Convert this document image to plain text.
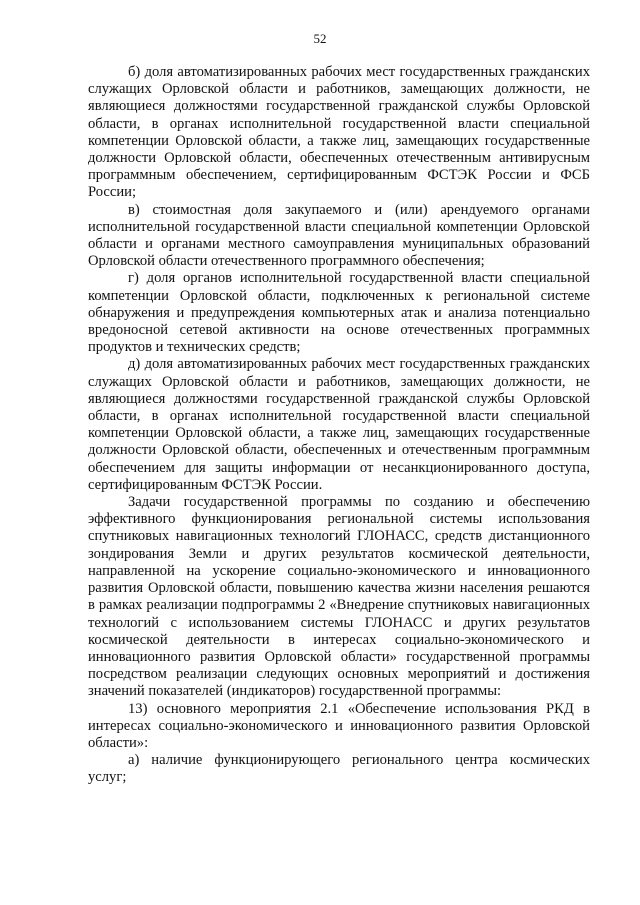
52

б) доля автоматизированных рабочих мест государственных гражданских служащих Орловской области и работников, замещающих должности, не являющиеся должностями государственной гражданской службы Орловской области, в органах исполнительной государственной власти специальной компетенции Орловской области, а также лиц, замещающих государственные должности Орловской области, обеспеченных отечественным антивирусным программным обеспечением, сертифицированным ФСТЭК России и ФСБ России;

в) стоимостная доля закупаемого и (или) арендуемого органами исполнительной государственной власти специальной компетенции Орловской области и органами местного самоуправления муниципальных образований Орловской области отечественного программного обеспечения;

г) доля органов исполнительной государственной власти специальной компетенции Орловской области, подключенных к региональной системе обнаружения и предупреждения компьютерных атак и анализа потенциально вредоносной сетевой активности на основе отечественных программных продуктов и технических средств;

д) доля автоматизированных рабочих мест государственных гражданских служащих Орловской области и работников, замещающих должности, не являющиеся должностями государственной гражданской службы Орловской области, в органах исполнительной государственной власти специальной компетенции Орловской области, а также лиц, замещающих государственные должности Орловской области, обеспеченных и отечественным программным обеспечением для защиты информации от несанкционированного доступа, сертифицированным ФСТЭК России.

Задачи государственной программы по созданию и обеспечению эффективного функционирования региональной системы использования спутниковых навигационных технологий ГЛОНАСС, средств дистанционного зондирования Земли и других результатов космической деятельности, направленной на ускорение социально-экономического и инновационного развития Орловской области, повышению качества жизни населения решаются в рамках реализации подпрограммы 2 «Внедрение спутниковых навигационных технологий с использованием системы ГЛОНАСС и других результатов космической деятельности в интересах социально-экономического и инновационного развития Орловской области» государственной программы посредством реализации следующих основных мероприятий и достижения значений показателей (индикаторов) государственной программы:

13) основного мероприятия 2.1 «Обеспечение использования РКД в интересах социально-экономического и инновационного развития Орловской области»:

а) наличие функционирующего регионального центра космических услуг;
